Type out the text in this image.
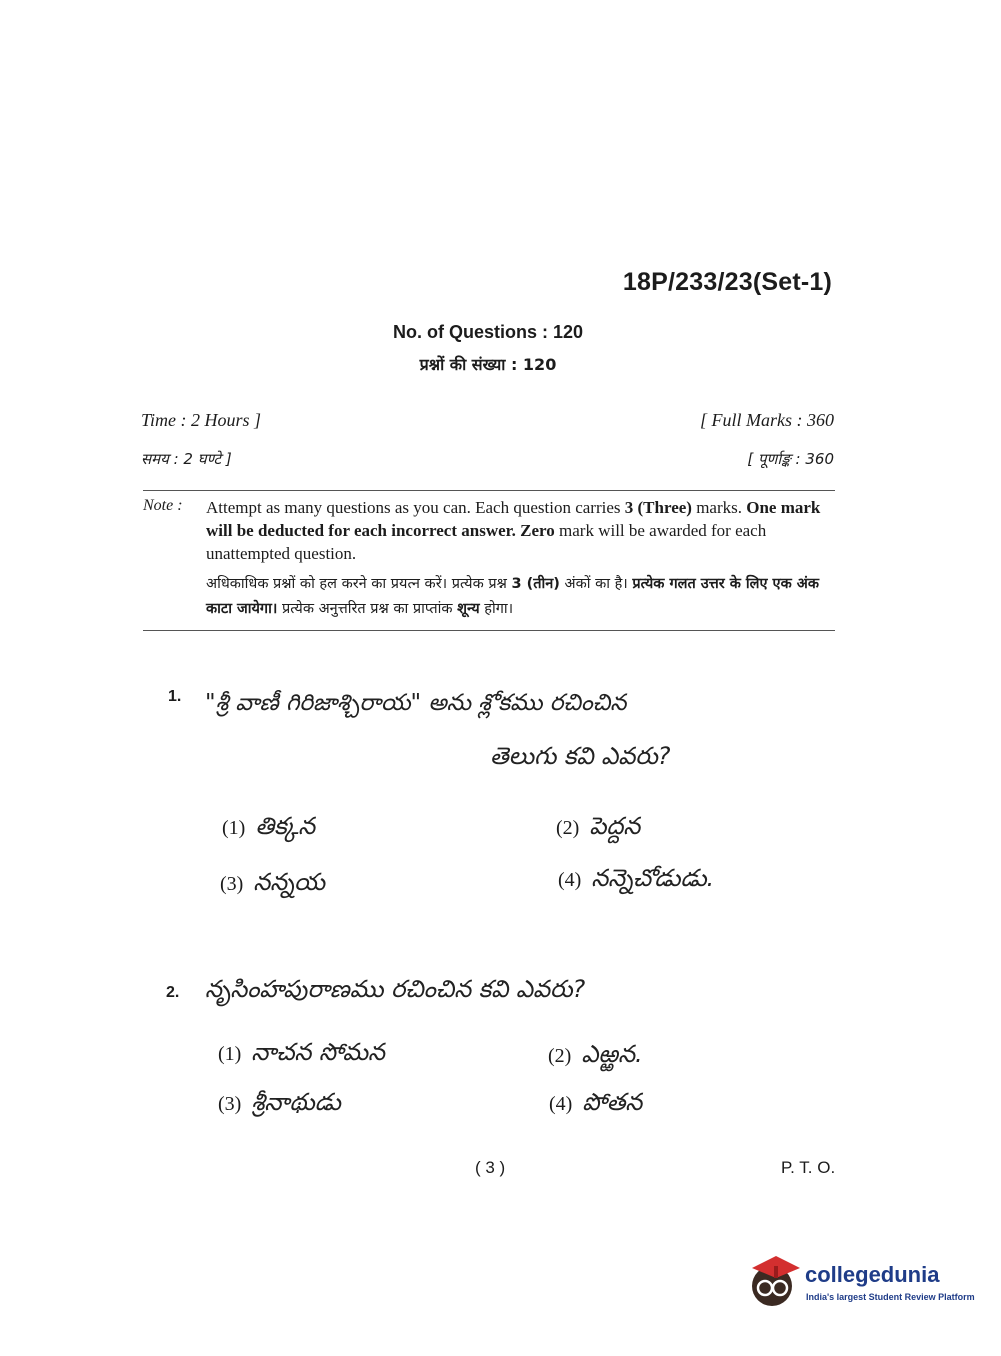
18P/233/23(Set-1)
No. of Questions : 120
प्रश्नों की संख्या : 120
Time : 2 Hours ]	[ Full Marks : 360
समय : 2 घण्टे ]	[ पूर्णाङ्क : 360
Note : Attempt as many questions as you can. Each question carries 3 (Three) marks. One mark will be deducted for each incorrect answer. Zero mark will be awarded for each unattempted question.
अधिकाधिक प्रश्नों को हल करने का प्रयत्न करें। प्रत्येक प्रश्न 3 (तीन) अंकों का है। प्रत्येक गलत उत्तर के लिए एक अंक काटा जायेगा। प्रत्येक अनुत्तरित प्रश्न का प्राप्तांक शून्य होगा।
1. "శ్రీ వాణీ గిరిజాశ్చిరాయ" అను శ్లోకము రచించిన
తెలుగు కవి ఎవరు?
(1) తిక్కన	(2) పెద్దన
(3) నన్నయ	(4) నన్నెచోడుడు.
2. నృసింహపురాణము రచించిన కవి ఎవరు?
(1) నాచన సోమన	(2) ఎఱ్ఱన.
(3) శ్రీనాథుడు	(4) పోతన
( 3 )	P. T. O.
collegedunia
India's largest Student Review Platform
